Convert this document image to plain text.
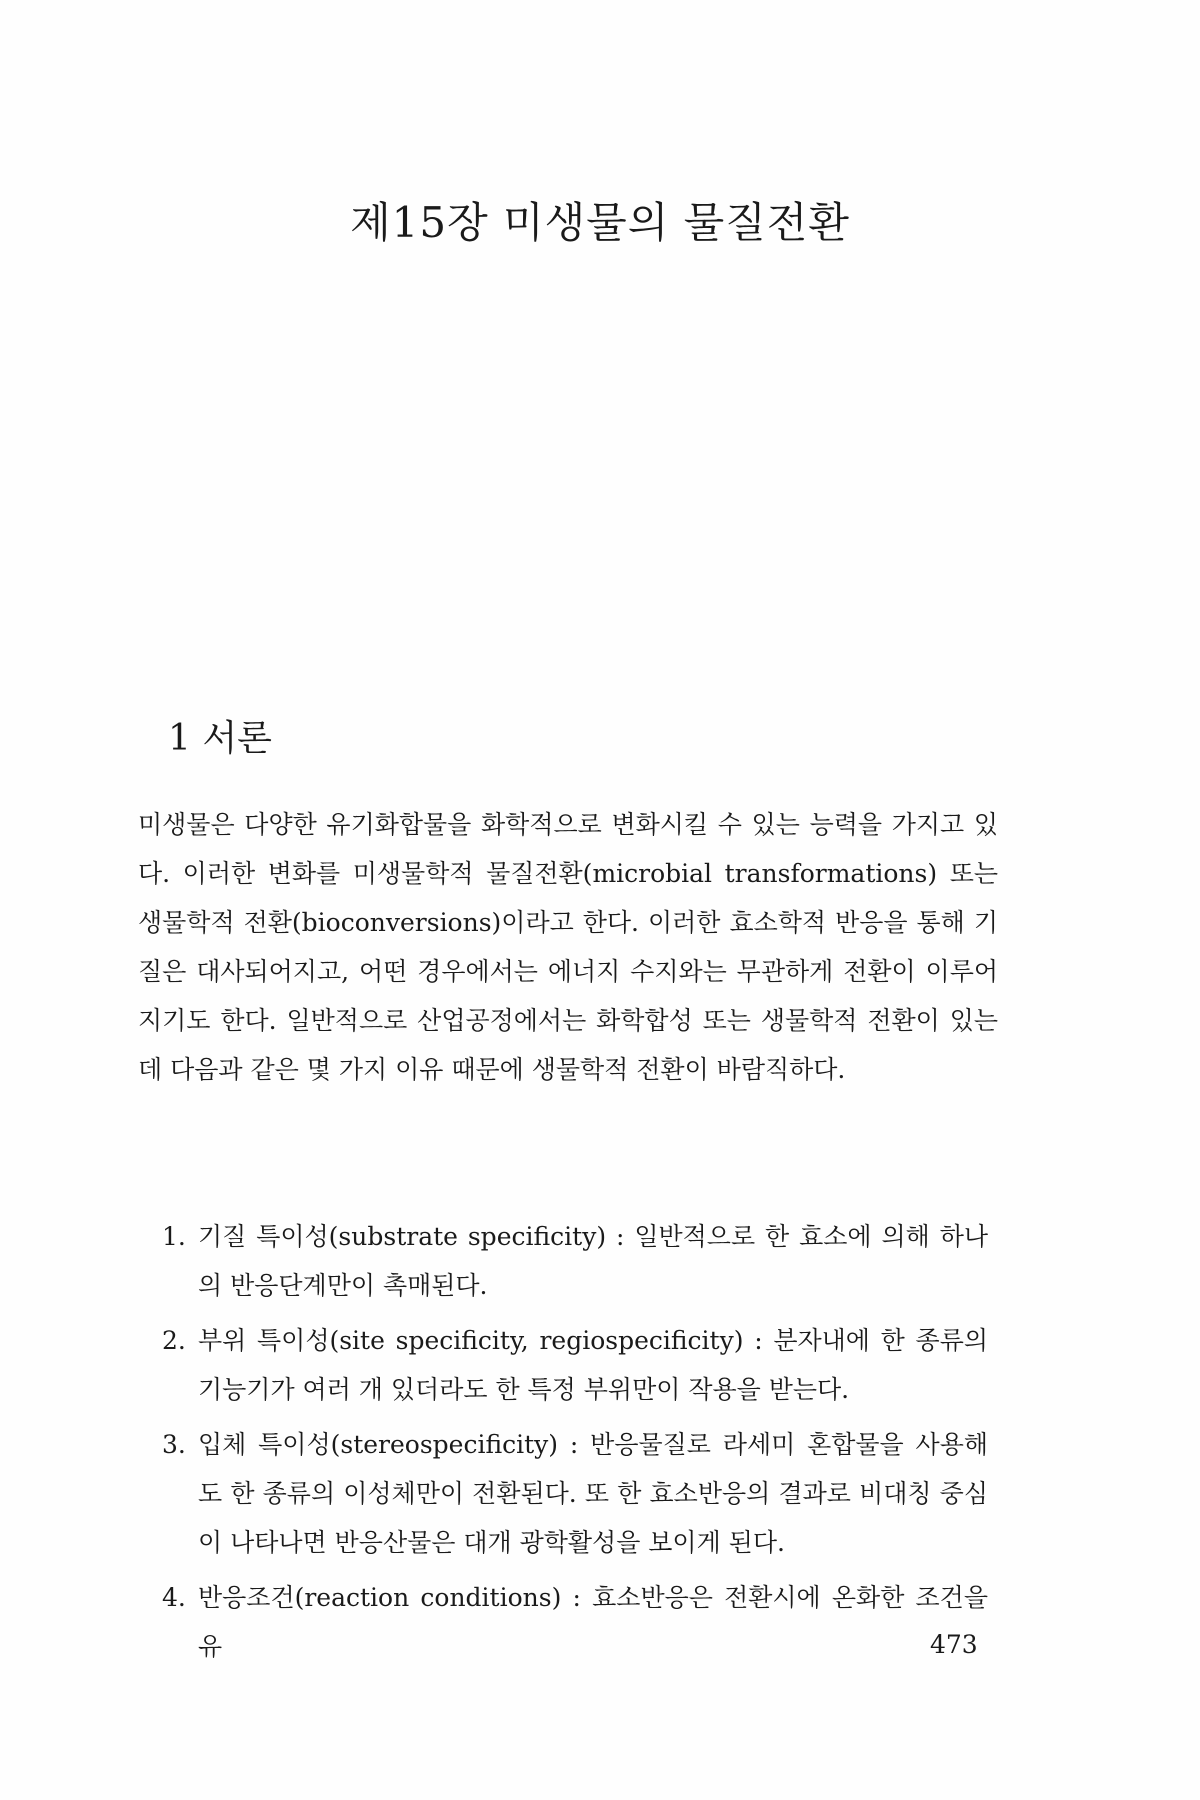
제15장 미생물의 물질전환
1 서론

미생물은 다양한 유기화합물을 화학적으로 변화시킬 수 있는 능력을 가지고 있다. 이러한 변화를 미생물학적 물질전환(microbial transformations) 또는 생물학적 전환(bioconversions)이라고 한다. 이러한 효소학적 반응을 통해 기질은 대사되어지고, 어떤 경우에서는 에너지 수지와는 무관하게 전환이 이루어지기도 한다. 일반적으로 산업공정에서는 화학합성 또는 생물학적 전환이 있는데 다음과 같은 몇 가지 이유 때문에 생물학적 전환이 바람직하다.

1. 기질 특이성(substrate specificity) : 일반적으로 한 효소에 의해 하나의 반응단계만이 촉매된다.
2. 부위 특이성(site specificity, regiospecificity) : 분자내에 한 종류의 기능기가 여러 개 있더라도 한 특정 부위만이 작용을 받는다.
3. 입체 특이성(stereospecificity) : 반응물질로 라세미 혼합물을 사용해도 한 종류의 이성체만이 전환된다. 또 한 효소반응의 결과로 비대칭 중심이 나타나면 반응산물은 대개 광학활성을 보이게 된다.
4. 반응조건(reaction conditions) : 효소반응은 전환시에 온화한 조건을 유	473
